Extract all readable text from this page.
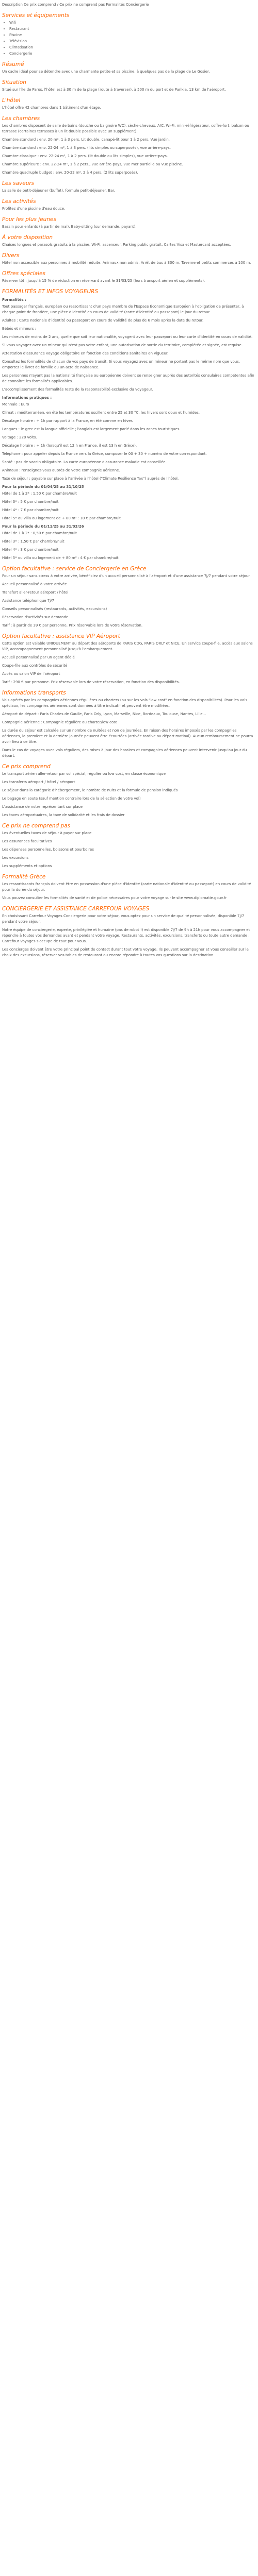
Description Ce prix comprend / Ce prix ne comprend pas Formalités Conciergerie

Services et équipements
• Wifi
• Restaurant
• Piscine
• Télévision
• Climatisation
• Conciergerie
Résumé

Un cadre idéal pour se détendre avec une charmante petite et sa piscine, à quelques pas de la plage de Le Gosier.

Situation

Situé sur l'île de Paros, l'hôtel est à 30 m de la plage (route à traverser), à 500 m du port et de Parikia, 13 km de l'aéroport.

L'hôtel

L'hôtel offre 42 chambres dans 1 bâtiment d'un étage.

Les chambres

Les chambres disposent de salle de bains (douche ou baignoire WC), sèche-cheveux, A/C, Wi-Fi, mini-réfrigérateur, coffre-fort, balcon ou terrasse (certaines terrasses à un lit double possible avec un supplément).

Chambre standard : env. 20 m², 1 à 3 pers. Lit double, canapé-lit pour 1 à 2 pers. Vue jardin.

Chambre standard : env. 22-24 m², 1 à 3 pers. (lits simples ou superposés), vue arrière-pays.

Chambre classique : env. 22-24 m², 1 à 2 pers. (lit double ou lits simples), vue arrière-pays.

Chambre supérieure : env. 22-24 m², 1 à 2 pers., vue arrière-pays, vue mer partielle ou vue piscine.

Chambre quadruple budget : env. 20-22 m², 2 à 4 pers. (2 lits superposés).

Les saveurs

La salle de petit-déjeuner (buffet), formule petit-déjeuner. Bar.

Les activités

Profitez d'une piscine d'eau douce.

Pour les plus jeunes

Bassin pour enfants (à partir de mai). Baby-sitting (sur demande, payant).

À votre disposition

Chaises longues et parasols gratuits à la piscine, Wi-Fi, ascenseur. Parking public gratuit. Cartes Visa et Mastercard acceptées.

Divers

Hôtel non accessible aux personnes à mobilité réduite. Animaux non admis. Arrêt de bus à 300 m. Taverne et petits commerces à 100 m.

Offres spéciales

Réserver tôt : jusqu'à 15 % de réduction en réservant avant le 31/03/25 (hors transport aérien et suppléments).

FORMALITÉS ET INFOS VOYAGEURS

Formalités :

Tout passager français, européen ou ressortissant d'un pays membre de l'Espace Économique Européen à l'obligation de présenter, à chaque point de frontière, une pièce d'identité en cours de validité (carte d'identité ou passeport) le jour du retour.

Adultes : Carte nationale d'identité ou passeport en cours de validité de plus de 6 mois après la date du retour.

Bébés et mineurs :

Les mineurs de moins de 2 ans, quelle que soit leur nationalité, voyagent avec leur passeport ou leur carte d'identité en cours de validité.

Si vous voyagez avec un mineur qui n'est pas votre enfant, une autorisation de sortie du territoire, complétée et signée, est requise.

Attestation d'assurance voyage obligatoire en fonction des conditions sanitaires en vigueur.

Consultez les formalités de chacun de vos pays de transit. Si vous voyagez avec un mineur ne portant pas le même nom que vous, emportez le livret de famille ou un acte de naissance.

Les personnes n'ayant pas la nationalité française ou européenne doivent se renseigner auprès des autorités consulaires compétentes afin de connaître les formalités applicables.

L'accomplissement des formalités reste de la responsabilité exclusive du voyageur.

Informations pratiques :

Monnaie : Euro

Climat : méditerranéen, en été les températures oscillent entre 25 et 30 °C, les hivers sont doux et humides.

Décalage horaire : + 1h par rapport à la France, en été comme en hiver.

Langues : le grec est la langue officielle ; l'anglais est largement parlé dans les zones touristiques.

Voltage : 220 volts.

Décalage horaire : + 1h (lorsqu'il est 12 h en France, il est 13 h en Grèce).

Téléphone : pour appeler depuis la France vers la Grèce, composer le 00 + 30 + numéro de votre correspondant.

Santé : pas de vaccin obligatoire. La carte européenne d'assurance maladie est conseillée.

Animaux : renseignez-vous auprès de votre compagnie aérienne.

Taxe de séjour : payable sur place à l'arrivée à l'hôtel ("Climate Resilience Tax") auprès de l'hôtel.

Pour la période du 01/04/25 au 31/10/25

Hôtel de 1 à 2* : 1,50 € par chambre/nuit

Hôtel 3* : 5 € par chambre/nuit

Hôtel 4* : 7 € par chambre/nuit

Hôtel 5* ou villa ou logement de + 80 m² : 10 € par chambre/nuit

Pour la période du 01/11/25 au 31/03/26

Hôtel de 1 à 2* : 0,50 € par chambre/nuit

Hôtel 3* : 1,50 € par chambre/nuit

Hôtel 4* : 3 € par chambre/nuit

Hôtel 5* ou villa ou logement de + 80 m² : 4 € par chambre/nuit

Option facultative : service de Conciergerie en Grèce

Pour un séjour sans stress à votre arrivée, bénéficiez d'un accueil personnalisé à l'aéroport et d'une assistance 7j/7 pendant votre séjour.

Accueil personnalisé à votre arrivée

Transfert aller-retour aéroport / hôtel

Assistance téléphonique 7j/7

Conseils personnalisés (restaurants, activités, excursions)

Réservation d'activités sur demande

Tarif : à partir de 39 € par personne. Prix réservable lors de votre réservation.

Option facultative : assistance VIP Aéroport

Cette option est valable UNIQUEMENT au départ des aéroports de PARIS CDG, PARIS ORLY et NICE. Un service coupe-file, accès aux salons VIP, accompagnement personnalisé jusqu'à l'embarquement.

Accueil personnalisé par un agent dédié

Coupe-file aux contrôles de sécurité

Accès au salon VIP de l'aéroport

Tarif : 290 € par personne. Prix réservable lors de votre réservation, en fonction des disponibilités.

Informations transports

Vols opérés par les compagnies aériennes régulières ou charters (ou sur les vols "low cost" en fonction des disponibilités). Pour les vols spéciaux, les compagnies aériennes sont données à titre indicatif et peuvent être modifiées.

Aéroport de départ : Paris Charles de Gaulle, Paris Orly, Lyon, Marseille, Nice, Bordeaux, Toulouse, Nantes, Lille...

Compagnie aérienne : Compagnie régulière ou charter/low cost

La durée du séjour est calculée sur un nombre de nuitées et non de journées. En raison des horaires imposés par les compagnies aériennes, la première et la dernière journée peuvent être écourtées (arrivée tardive ou départ matinal). Aucun remboursement ne pourra avoir lieu à ce titre.

Dans le cas de voyages avec vols réguliers, des mises à jour des horaires et compagnies aériennes peuvent intervenir jusqu'au jour du départ.

Ce prix comprend

Le transport aérien aller-retour par vol spécial, régulier ou low cost, en classe économique

Les transferts aéroport / hôtel / aéroport

Le séjour dans la catégorie d'hébergement, le nombre de nuits et la formule de pension indiqués

Le bagage en soute (sauf mention contraire lors de la sélection de votre vol)

L'assistance de notre représentant sur place

Les taxes aéroportuaires, la taxe de solidarité et les frais de dossier

Ce prix ne comprend pas

Les éventuelles taxes de séjour à payer sur place

Les assurances facultatives

Les dépenses personnelles, boissons et pourboires

Les excursions

Les suppléments et options

Formalité Grèce

Les ressortissants français doivent être en possession d'une pièce d'identité (carte nationale d'identité ou passeport) en cours de validité pour la durée du séjour.

Vous pouvez consulter les formalités de santé et de police nécessaires pour votre voyage sur le site www.diplomatie.gouv.fr

CONCIERGERIE ET ASSISTANCE CARREFOUR VOYAGES

En choisissant Carrefour Voyages Conciergerie pour votre séjour, vous optez pour un service de qualité personnalisée, disponible 7j/7 pendant votre séjour.

Notre équipe de conciergerie, experte, privilégiée et humaine (pas de robot !) est disponible 7j/7 de 9h à 21h pour vous accompagner et répondre à toutes vos demandes avant et pendant votre voyage. Restaurants, activités, excursions, transferts ou toute autre demande : Carrefour Voyages s'occupe de tout pour vous.

Les concierges doivent être votre principal point de contact durant tout votre voyage. Ils peuvent accompagner et vous conseiller sur le choix des excursions, réserver vos tables de restaurant ou encore répondre à toutes vos questions sur la destination.
